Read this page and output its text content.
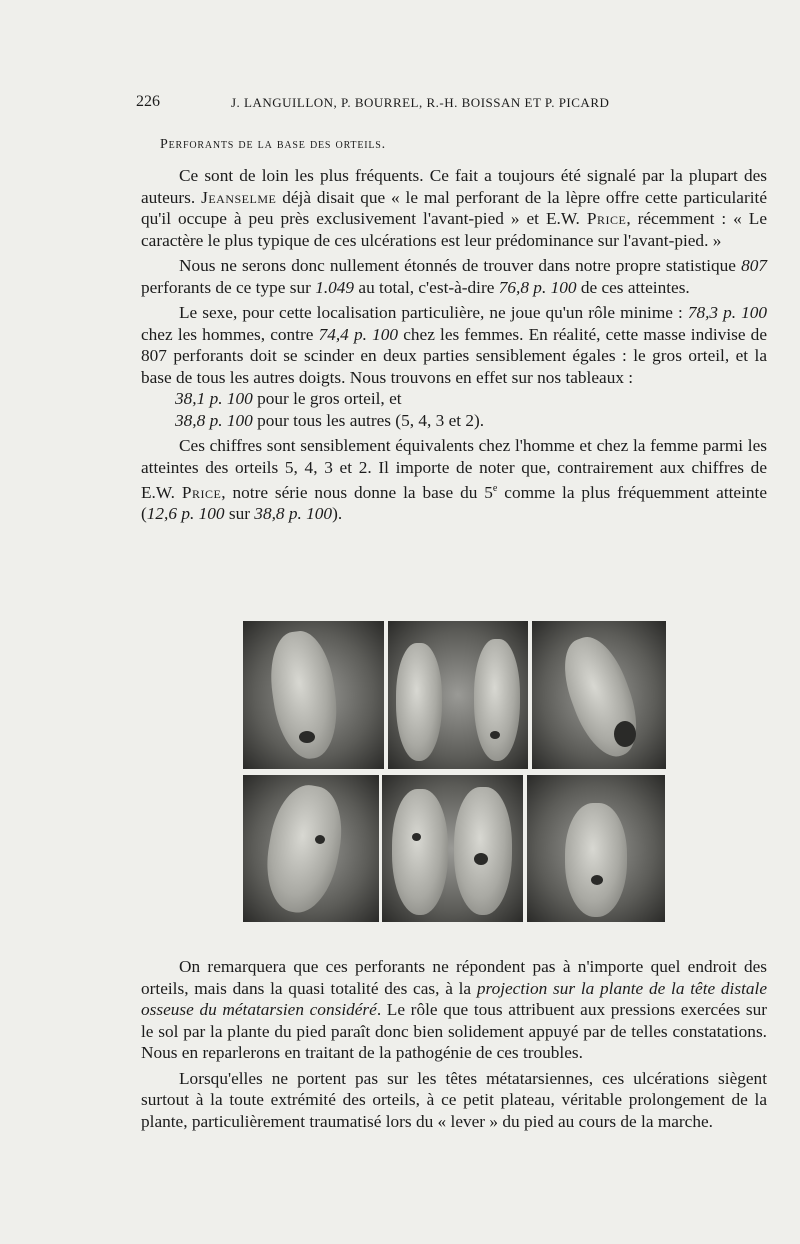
226	J. LANGUILLON, P. BOURREL, R.-H. BOISSAN ET P. PICARD
Perforants de la base des orteils.

Ce sont de loin les plus fréquents. Ce fait a toujours été signalé par la plupart des auteurs. Jeanselme déjà disait que « le mal perforant de la lèpre offre cette particularité qu'il occupe à peu près exclusivement l'avant-pied » et E.W. Price, récemment : « Le caractère le plus typique de ces ulcérations est leur prédominance sur l'avant-pied. »

Nous ne serons donc nullement étonnés de trouver dans notre propre statistique 807 perforants de ce type sur 1.049 au total, c'est-à-dire 76,8 p. 100 de ces atteintes.

Le sexe, pour cette localisation particulière, ne joue qu'un rôle minime : 78,3 p. 100 chez les hommes, contre 74,4 p. 100 chez les femmes. En réalité, cette masse indivise de 807 perforants doit se scinder en deux parties sensiblement égales : le gros orteil, et la base de tous les autres doigts. Nous trouvons en effet sur nos tableaux :

38,1 p. 100 pour le gros orteil, et

38,8 p. 100 pour tous les autres (5, 4, 3 et 2).

Ces chiffres sont sensiblement équivalents chez l'homme et chez la femme parmi les atteintes des orteils 5, 4, 3 et 2. Il importe de noter que, contrairement aux chiffres de E.W. Price, notre série nous donne la base du 5e comme la plus fréquemment atteinte (12,6 p. 100 sur 38,8 p. 100).

On remarquera que ces perforants ne répondent pas à n'importe quel endroit des orteils, mais dans la quasi totalité des cas, à la projection sur la plante de la tête distale osseuse du métatarsien considéré. Le rôle que tous attribuent aux pressions exercées sur le sol par la plante du pied paraît donc bien solidement appuyé par de telles constatations. Nous en reparlerons en traitant de la pathogénie de ces troubles.

Lorsqu'elles ne portent pas sur les têtes métatarsiennes, ces ulcérations siègent surtout à la toute extrémité des orteils, à ce petit plateau, véritable prolongement de la plante, particulièrement traumatisé lors du « lever » du pied au cours de la marche.
